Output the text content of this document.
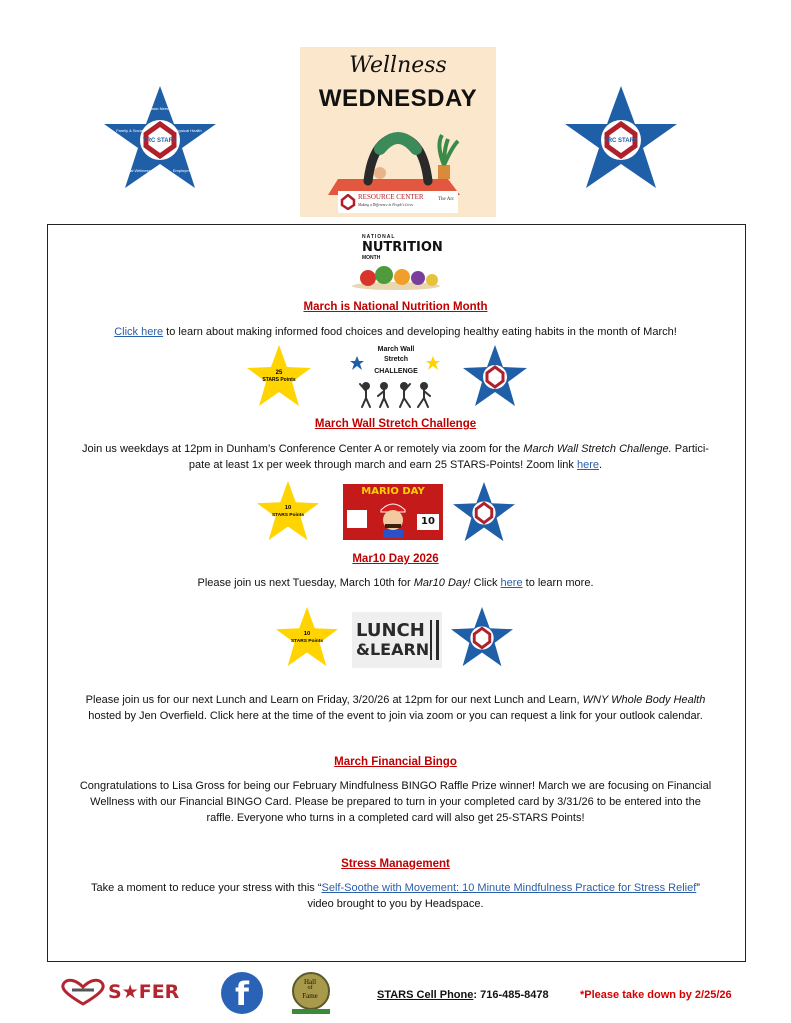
TRC STARS
Basic Needs
Physical Health
Employment
Mental Wellness
Family & Social
Wellness
WEDNESDAY
RESOURCE CENTER
Making a Difference in People's Lives
The Arc
TRC STARS
NATIONAL
NUTRITION
MONTH
March is National Nutrition Month
Click here to learn about making informed food choices and developing healthy eating habits in the month of March!
25
STARS Points
March Wall
Stretch
CHALLENGE
March Wall Stretch Challenge
Join us weekdays at 12pm in Dunham’s Conference Center A or remotely via zoom for the March Wall Stretch Challenge. Partici-
pate at least 1x per week through march and earn 25 STARS-Points! Zoom link here.
10
STARS Points
MARIO DAY
10
Mar10 Day 2026
Please join us next Tuesday, March 10th for Mar10 Day! Click here to learn more.
10
STARS Points
LUNCH
&LEARN
Please join us for our next Lunch and Learn on Friday, 3/20/26 at 12pm for our next Lunch and Learn, WNY Whole Body Health
hosted by Jen Overfield. Click here at the time of the event to join via zoom or you can request a link for your outlook calendar.
March Financial Bingo
Congratulations to Lisa Gross for being our February Mindfulness BINGO Raffle Prize winner! March we are focusing on Financial
Wellness with our Financial BINGO Card. Please be prepared to turn in your completed card by 3/31/26 to be entered into the
raffle. Everyone who turns in a completed card will also get 25-STARS Points!
Stress Management
Take a moment to reduce your stress with this “Self-Soothe with Movement: 10 Minute Mindfulness Practice for Stress Relief”
video brought to you by Headspace.
S★FER	f	Hall
of
Fame	STARS Cell Phone: 716-485-8478	*Please take down by 2/25/26
